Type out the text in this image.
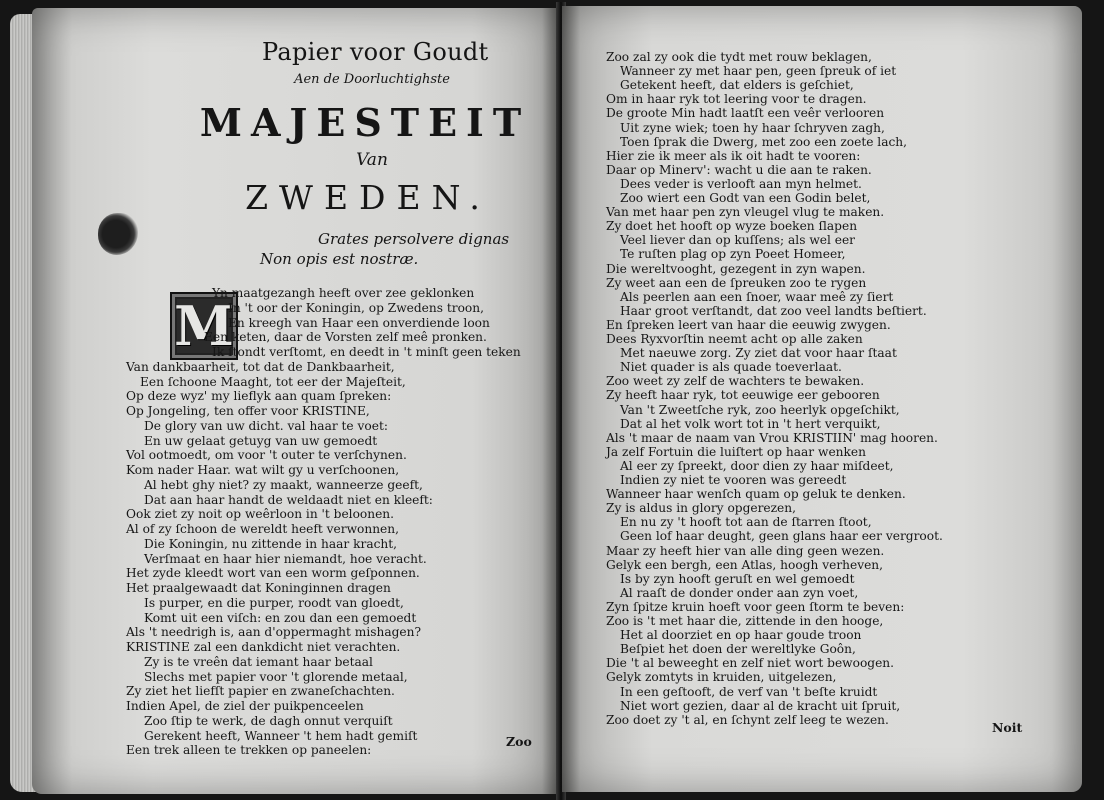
Papier voor Goudt
Aen de Doorluchtighste
MAJESTEIT
Van
ZWEDEN.
Grates persolvere dignas
Non opis est nostræ.
M
Yn maatgezangh heeft over zee geklonken
In 't oor der Koningin, op Zwedens troon,
En kreegh van Haar een onverdiende loon
Een keten, daar de Vorsten zelf meê pronken.
Ik ſtondt verſtomt, en deedt in 't minſt geen teken
Van dankbaarheit, tot dat de Dankbaarheit,
Een ſchoone Maaght, tot eer der Majeſteit,
Op deze wyz' my lieflyk aan quam ſpreken:
Op Jongeling, ten offer voor KRISTINE,
De glory van uw dicht. val haar te voet:
En uw gelaat getuyg van uw gemoedt
Vol ootmoedt, om voor 't outer te verſchynen.
Kom nader Haar. wat wilt gy u verſchoonen,
Al hebt ghy niet? zy maakt, wanneerze geeft,
Dat aan haar handt de weldaadt niet en kleeft:
Ook ziet zy noit op weêrloon in 't beloonen.
Al of zy ſchoon de wereldt heeft verwonnen,
Die Koningin, nu zittende in haar kracht,
Verſmaat en haar hier niemandt, hoe veracht.
Het zyde kleedt wort van een worm geſponnen.
Het praalgewaadt dat Koninginnen dragen
Is purper, en die purper, roodt van gloedt,
Komt uit een viſch: en zou dan een gemoedt
Als 't needrigh is, aan d'oppermaght mishagen?
KRISTINE zal een dankdicht niet verachten.
Zy is te vreên dat iemant haar betaal
Slechs met papier voor 't glorende metaal,
Zy ziet het liefſt papier en zwaneſchachten.
Indien Apel, de ziel der puikpenceelen
Zoo ſtip te werk, de dagh onnut verquiſt
Gerekent heeft, Wanneer 't hem hadt gemiſt
Een trek alleen te trekken op paneelen:
Zoo
Zoo zal zy ook die tydt met rouw beklagen,
Wanneer zy met haar pen, geen ſpreuk of iet
Getekent heeft, dat elders is geſchiet,
Om in haar ryk tot leering voor te dragen.
De groote Min hadt laatſt een veêr verlooren
Uit zyne wiek; toen hy haar ſchryven zagh,
Toen ſprak die Dwerg, met zoo een zoete lach,
Hier zie ik meer als ik oit hadt te vooren:
Daar op Minerv': wacht u die aan te raken.
Dees veder is verlooft aan myn helmet.
Zoo wiert een Godt van een Godin belet,
Van met haar pen zyn vleugel vlug te maken.
Zy doet het hooft op wyze boeken ſlapen
Veel liever dan op kuſſens; als wel eer
Te ruſten plag op zyn Poeet Homeer,
Die wereltvooght, gezegent in zyn wapen.
Zy weet aan een de ſpreuken zoo te rygen
Als peerlen aan een ſnoer, waar meê zy ſiert
Haar groot verſtandt, dat zoo veel landts beſtiert.
En ſpreken leert van haar die eeuwig zwygen.
Dees Ryxvorſtin neemt acht op alle zaken
Met naeuwe zorg. Zy ziet dat voor haar ſtaat
Niet quader is als quade toeverlaat.
Zoo weet zy zelf de wachters te bewaken.
Zy heeft haar ryk, tot eeuwige eer gebooren
Van 't Zweetſche ryk, zoo heerlyk opgeſchikt,
Dat al het volk wort tot in 't hert verquikt,
Als 't maar de naam van Vrou KRISTIIN' mag hooren.
Ja zelf Fortuin die luiſtert op haar wenken
Al eer zy ſpreekt, door dien zy haar miſdeet,
Indien zy niet te vooren was gereedt
Wanneer haar wenſch quam op geluk te denken.
Zy is aldus in glory opgerezen,
En nu zy 't hooft tot aan de ſtarren ſtoot,
Geen lof haar deught, geen glans haar eer vergroot.
Maar zy heeft hier van alle ding geen wezen.
Gelyk een bergh, een Atlas, hoogh verheven,
Is by zyn hooft geruſt en wel gemoedt
Al raaſt de donder onder aan zyn voet,
Zyn ſpitze kruin hoeft voor geen ſtorm te beven:
Zoo is 't met haar die, zittende in den hooge,
Het al doorziet en op haar goude troon
Beſpiet het doen der wereltlyke Goôn,
Die 't al beweeght en zelf niet wort bewoogen.
Gelyk zomtyts in kruiden, uitgelezen,
In een geſtooft, de verf van 't beſte kruidt
Niet wort gezien, daar al de kracht uit ſpruit,
Zoo doet zy 't al, en ſchynt zelf leeg te wezen.
Noit
